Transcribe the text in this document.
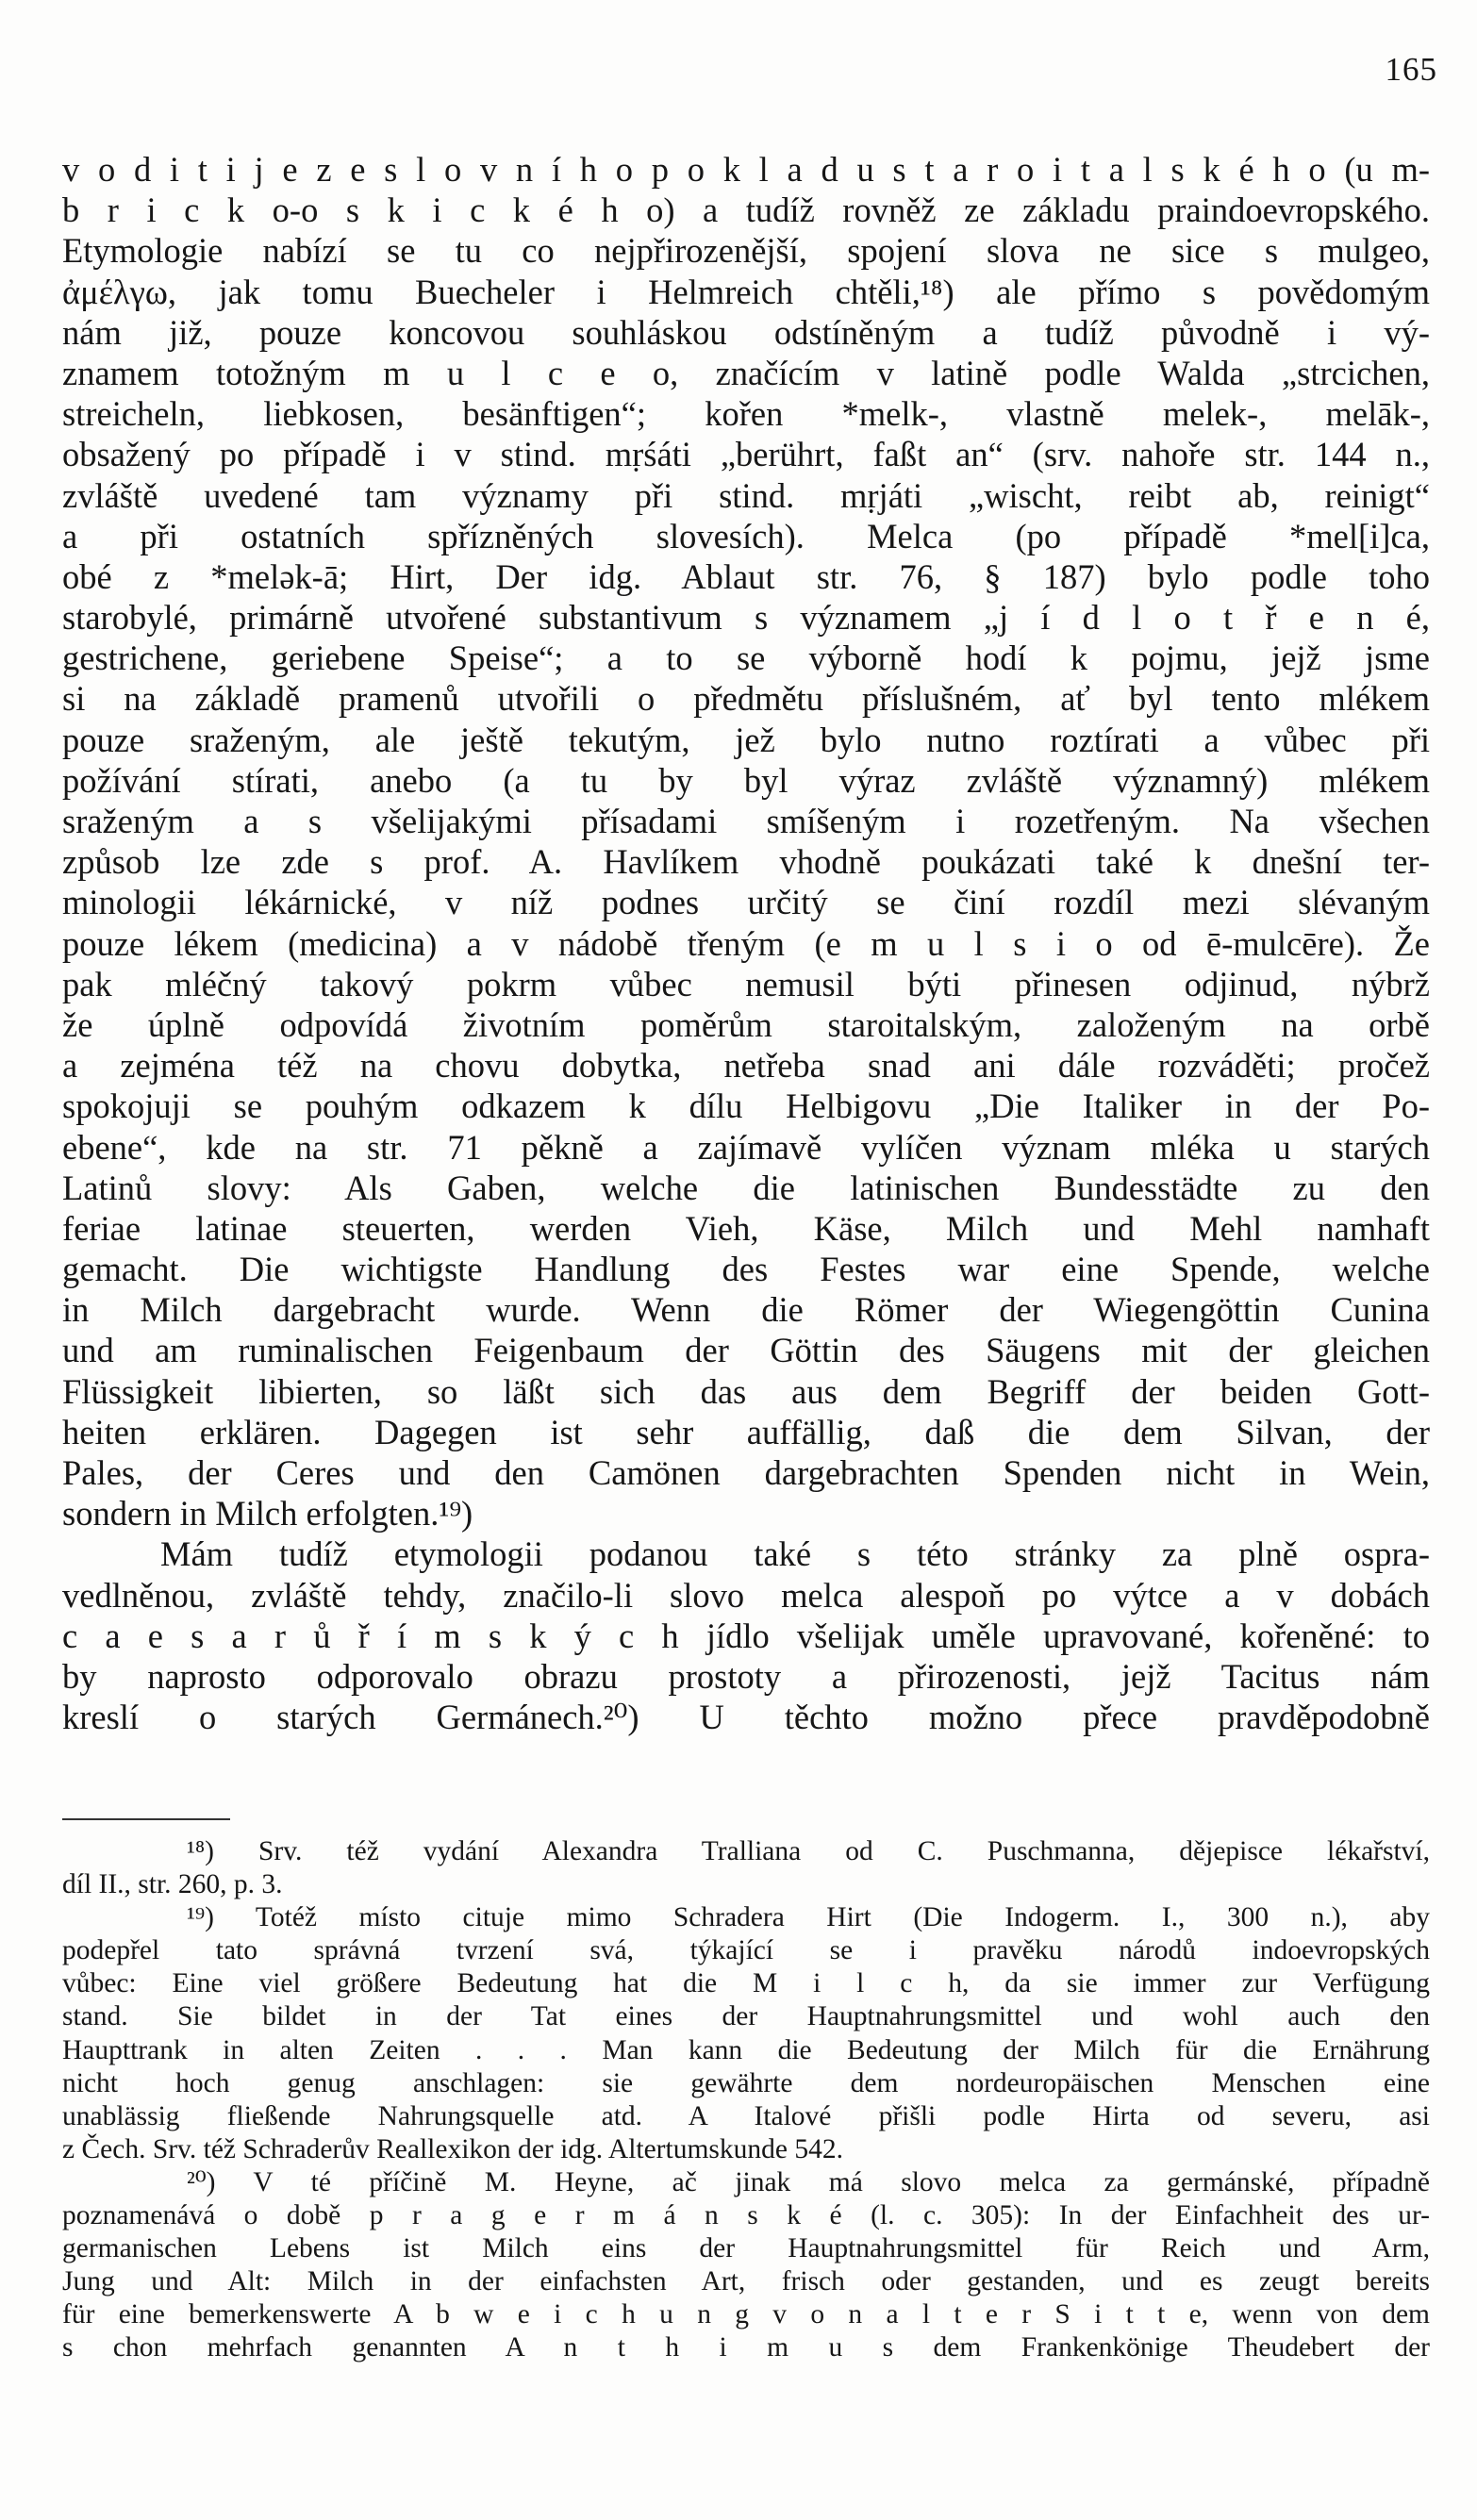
165
v o d i t i j e z e s l o v n í h o p o k l a d u s t a r o i t a l s k é h o (u m-
b r i c k o-o s k i c k é h o) a tudíž rovněž ze základu praindoevropského.
Etymologie nabízí se tu co nejpřirozenější, spojení slova ne sice s mulgeo,
ἀμέλγω, jak tomu Buecheler i Helmreich chtěli,¹⁸) ale přímo s povědomým
nám již, pouze koncovou souhláskou odstíněným a tudíž původně i vý-
znamem totožným m u l c e o, značícím v latině podle Walda „strcichen,
streicheln, liebkosen, besänftigen“; kořen *melk-, vlastně melek-, melāk-,
obsažený po případě i v stind. mṛśáti „berührt, faßt an“ (srv. nahoře str. 144 n.,
zvláště uvedené tam významy při stind. mṛjáti „wischt, reibt ab, reinigt“
a při ostatních spřízněných slovesích). Melca (po případě *mel[i]ca,
obé z *melək-ā; Hirt, Der idg. Ablaut str. 76, § 187) bylo podle toho
starobylé, primárně utvořené substantivum s významem „j í d l o t ř e n é,
gestrichene, geriebene Speise“; a to se výborně hodí k pojmu, jejž jsme
si na základě pramenů utvořili o předmětu příslušném, ať byl tento mlékem
pouze sraženým, ale ještě tekutým, jež bylo nutno roztírati a vůbec při
požívání stírati, anebo (a tu by byl výraz zvláště významný) mlékem
sraženým a s všelijakými přísadami smíšeným i rozetřeným. Na všechen
způsob lze zde s prof. A. Havlíkem vhodně poukázati také k dnešní ter-
minologii lékárnické, v níž podnes určitý se činí rozdíl mezi slévaným
pouze lékem (medicina) a v nádobě třeným (e m u l s i o od ē-mulcēre). Že
pak mléčný takový pokrm vůbec nemusil býti přinesen odjinud, nýbrž
že úplně odpovídá životním poměrům staroitalským, založeným na orbě
a zejména též na chovu dobytka, netřeba snad ani dále rozváděti; pročež
spokojuji se pouhým odkazem k dílu Helbigovu „Die Italiker in der Po-
ebene“, kde na str. 71 pěkně a zajímavě vylíčen význam mléka u starých
Latinů slovy: Als Gaben, welche die latinischen Bundesstädte zu den
feriae latinae steuerten, werden Vieh, Käse, Milch und Mehl namhaft
gemacht. Die wichtigste Handlung des Festes war eine Spende, welche
in Milch dargebracht wurde. Wenn die Römer der Wiegengöttin Cunina
und am ruminalischen Feigenbaum der Göttin des Säugens mit der gleichen
Flüssigkeit libierten, so läßt sich das aus dem Begriff der beiden Gott-
heiten erklären. Dagegen ist sehr auffällig, daß die dem Silvan, der
Pales, der Ceres und den Camönen dargebrachten Spenden nicht in Wein,
sondern in Milch erfolgten.¹⁹)
Mám tudíž etymologii podanou také s této stránky za plně ospra-
vedlněnou, zvláště tehdy, značilo-li slovo melca alespoň po výtce a v dobách
c a e s a r ů ř í m s k ý c h jídlo všelijak uměle upravované, kořeněné: to
by naprosto odporovalo obrazu prostoty a přirozenosti, jejž Tacitus nám
kreslí o starých Germánech.²⁰) U těchto možno přece pravděpodobně
¹⁸) Srv. též vydání Alexandra Tralliana od C. Puschmanna, dějepisce lékařství,
díl II., str. 260, p. 3.
¹⁹) Totéž místo cituje mimo Schradera Hirt (Die Indogerm. I., 300 n.), aby
podepřel tato správná tvrzení svá, týkající se i pravěku národů indoevropských
vůbec: Eine viel größere Bedeutung hat die M i l c h, da sie immer zur Verfügung
stand. Sie bildet in der Tat eines der Hauptnahrungsmittel und wohl auch den
Haupttrank in alten Zeiten . . . Man kann die Bedeutung der Milch für die Ernährung
nicht hoch genug anschlagen: sie gewährte dem nordeuropäischen Menschen eine
unablässig fließende Nahrungsquelle atd. A Italové přišli podle Hirta od severu, asi
z Čech. Srv. též Schraderův Reallexikon der idg. Altertumskunde 542.
²⁰) V té příčině M. Heyne, ač jinak má slovo melca za germánské, případně
poznamenává o době p r a g e r m á n s k é (l. c. 305): In der Einfachheit des ur-
germanischen Lebens ist Milch eins der Hauptnahrungsmittel für Reich und Arm,
Jung und Alt: Milch in der einfachsten Art, frisch oder gestanden, und es zeugt bereits
für eine bemerkenswerte A b w e i c h u n g v o n a l t e r S i t t e, wenn von dem
s chon mehrfach genannten A n t h i m u s dem Frankenkönige Theudebert der
